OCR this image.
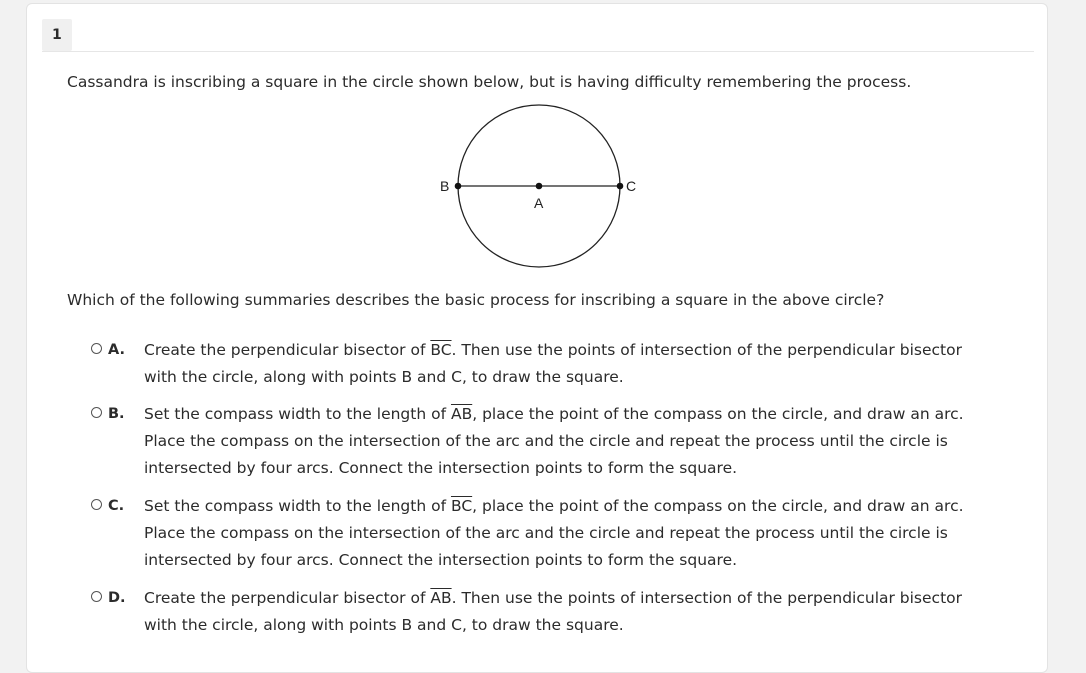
1
Cassandra is inscribing a square in the circle shown below, but is having difficulty remembering the process.
B
A
C
Which of the following summaries describes the basic process for inscribing a square in the above circle?
A. Create the perpendicular bisector of $\overline{BC}$. Then use the points of intersection of the perpendicular bisector with the circle, along with points B and C, to draw the square.
B. Set the compass width to the length of $\overline{AB}$, place the point of the compass on the circle, and draw an arc. Place the compass on the intersection of the arc and the circle and repeat the process until the circle is intersected by four arcs. Connect the intersection points to form the square.
C. Set the compass width to the length of $\overline{BC}$, place the point of the compass on the circle, and draw an arc. Place the compass on the intersection of the arc and the circle and repeat the process until the circle is intersected by four arcs. Connect the intersection points to form the square.
D. Create the perpendicular bisector of $\overline{AB}$. Then use the points of intersection of the perpendicular bisector with the circle, along with points B and C, to draw the square.
